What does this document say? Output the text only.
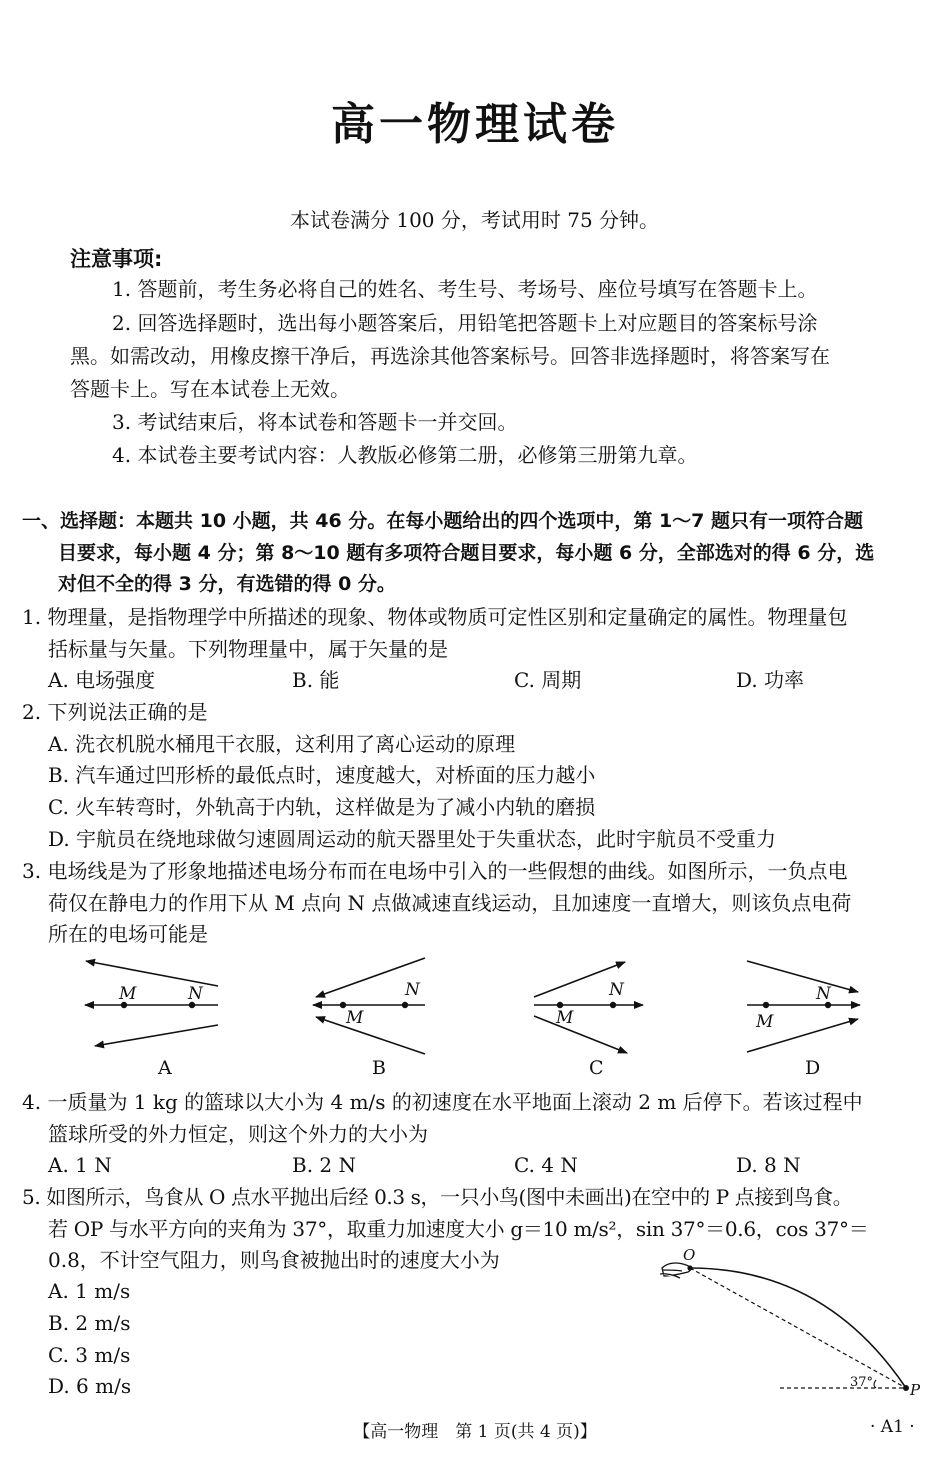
高一物理试卷
本试卷满分 100 分，考试用时 75 分钟。
注意事项:
1. 答题前，考生务必将自己的姓名、考生号、考场号、座位号填写在答题卡上。
2. 回答选择题时，选出每小题答案后，用铅笔把答题卡上对应题目的答案标号涂
黑。如需改动，用橡皮擦干净后，再选涂其他答案标号。回答非选择题时，将答案写在
答题卡上。写在本试卷上无效。
3. 考试结束后，将本试卷和答题卡一并交回。
4. 本试卷主要考试内容：人教版必修第二册，必修第三册第九章。
一、选择题：本题共 10 小题，共 46 分。在每小题给出的四个选项中，第 1～7 题只有一项符合题
目要求，每小题 4 分；第 8～10 题有多项符合题目要求，每小题 6 分，全部选对的得 6 分，选
对但不全的得 3 分，有选错的得 0 分。
1. 物理量，是指物理学中所描述的现象、物体或物质可定性区别和定量确定的属性。物理量包
括标量与矢量。下列物理量中，属于矢量的是
A. 电场强度	B. 能	C. 周期	D. 功率
2. 下列说法正确的是
A. 洗衣机脱水桶甩干衣服，这利用了离心运动的原理
B. 汽车通过凹形桥的最低点时，速度越大，对桥面的压力越小
C. 火车转弯时，外轨高于内轨，这样做是为了减小内轨的磨损
D. 宇航员在绕地球做匀速圆周运动的航天器里处于失重状态，此时宇航员不受重力
3. 电场线是为了形象地描述电场分布而在电场中引入的一些假想的曲线。如图所示，一负点电
荷仅在静电力的作用下从 M 点向 N 点做减速直线运动，且加速度一直增大，则该负点电荷
所在的电场可能是
M	N
M
N
M
N
M
N
A	B	C	D
4. 一质量为 1 kg 的篮球以大小为 4 m/s 的初速度在水平地面上滚动 2 m 后停下。若该过程中
篮球所受的外力恒定，则这个外力的大小为
A. 1 N	B. 2 N	C. 4 N	D. 8 N
5. 如图所示，鸟食从 O 点水平抛出后经 0.3 s，一只小鸟(图中未画出)在空中的 P 点接到鸟食。
若 OP 与水平方向的夹角为 37°，取重力加速度大小 g＝10 m/s²，sin 37°＝0.6，cos 37°＝
0.8，不计空气阻力，则鸟食被抛出时的速度大小为
A. 1 m/s
B. 2 m/s
C. 3 m/s
D. 6 m/s
O
P
37°
【高一物理　第 1 页(共 4 页)】	· A1 ·
